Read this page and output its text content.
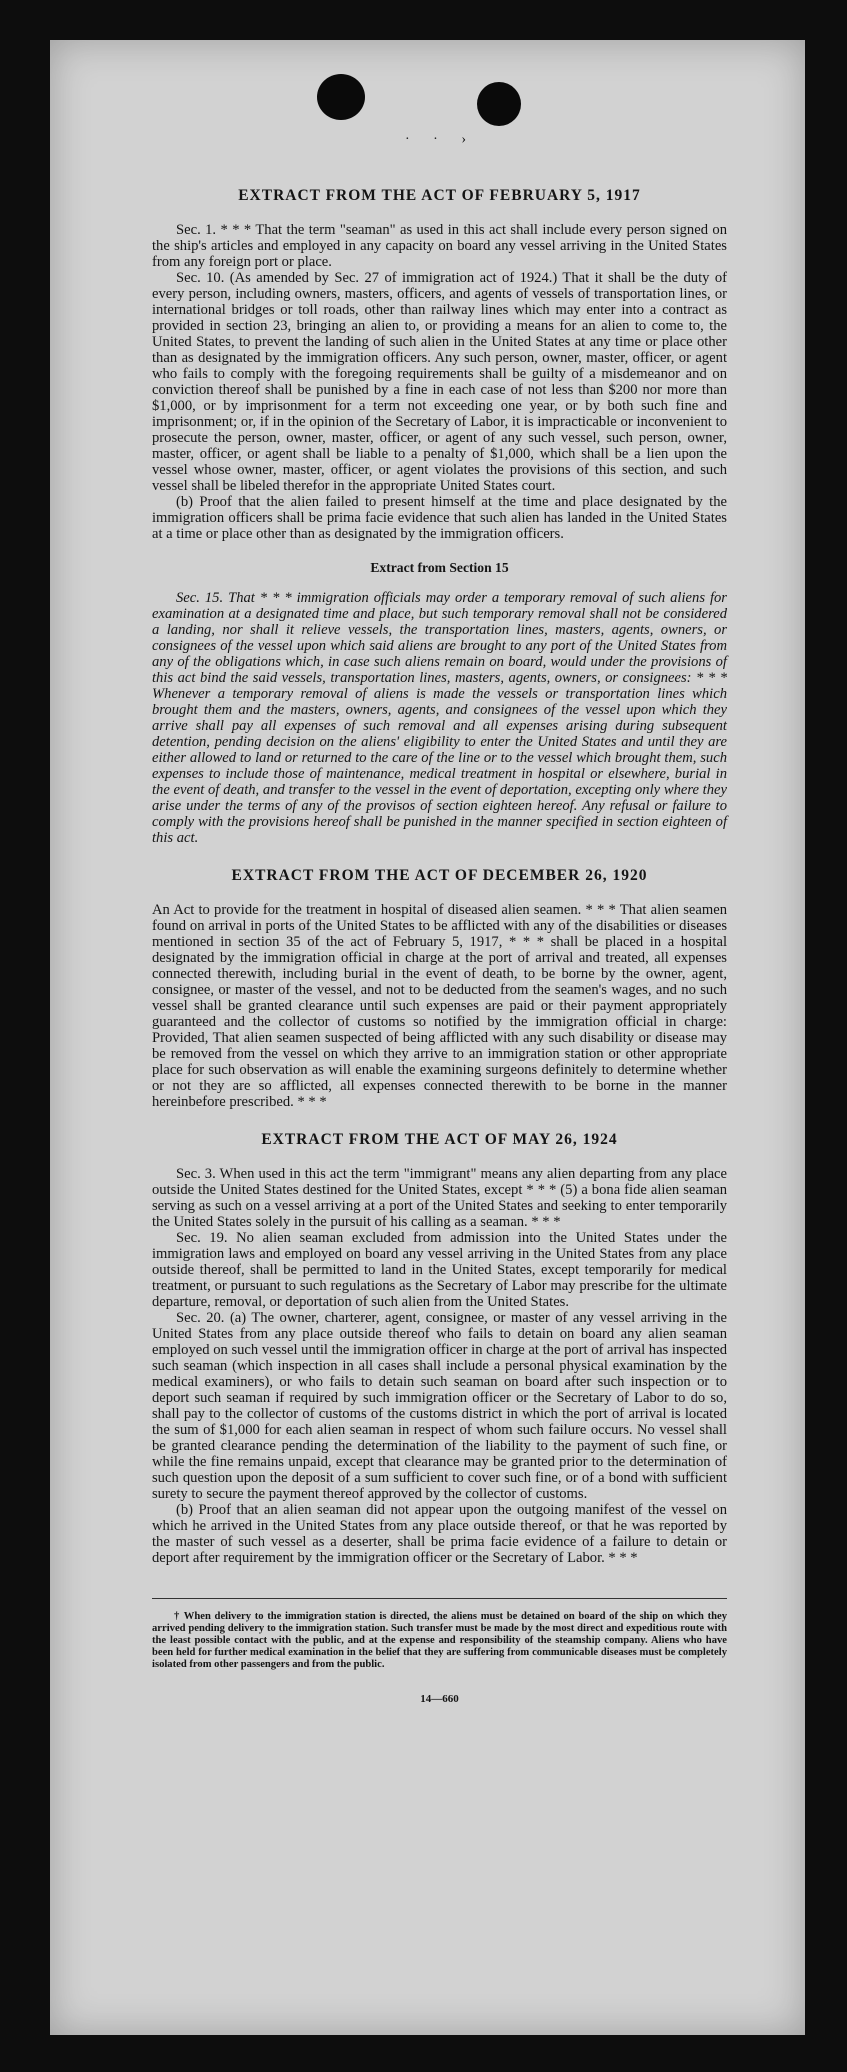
· · ›
EXTRACT FROM THE ACT OF FEBRUARY 5, 1917

Sec. 1. * * * That the term "seaman" as used in this act shall include every person signed on the ship's articles and employed in any capacity on board any vessel arriving in the United States from any foreign port or place.

Sec. 10. (As amended by Sec. 27 of immigration act of 1924.) That it shall be the duty of every person, including owners, masters, officers, and agents of vessels of transportation lines, or international bridges or toll roads, other than railway lines which may enter into a contract as provided in section 23, bringing an alien to, or providing a means for an alien to come to, the United States, to prevent the landing of such alien in the United States at any time or place other than as designated by the immigration officers. Any such person, owner, master, officer, or agent who fails to comply with the foregoing requirements shall be guilty of a misdemeanor and on conviction thereof shall be punished by a fine in each case of not less than $200 nor more than $1,000, or by imprisonment for a term not exceeding one year, or by both such fine and imprisonment; or, if in the opinion of the Secretary of Labor, it is impracticable or inconvenient to prosecute the person, owner, master, officer, or agent of any such vessel, such person, owner, master, officer, or agent shall be liable to a penalty of $1,000, which shall be a lien upon the vessel whose owner, master, officer, or agent violates the provisions of this section, and such vessel shall be libeled therefor in the appropriate United States court.

(b) Proof that the alien failed to present himself at the time and place designated by the immigration officers shall be prima facie evidence that such alien has landed in the United States at a time or place other than as designated by the immigration officers.

Extract from Section 15

Sec. 15. That * * * immigration officials may order a temporary removal of such aliens for examination at a designated time and place, but such temporary removal shall not be considered a landing, nor shall it relieve vessels, the transportation lines, masters, agents, owners, or consignees of the vessel upon which said aliens are brought to any port of the United States from any of the obligations which, in case such aliens remain on board, would under the provisions of this act bind the said vessels, transportation lines, masters, agents, owners, or consignees: * * * Whenever a temporary removal of aliens is made the vessels or transportation lines which brought them and the masters, owners, agents, and consignees of the vessel upon which they arrive shall pay all expenses of such removal and all expenses arising during subsequent detention, pending decision on the aliens' eligibility to enter the United States and until they are either allowed to land or returned to the care of the line or to the vessel which brought them, such expenses to include those of maintenance, medical treatment in hospital or elsewhere, burial in the event of death, and transfer to the vessel in the event of deportation, excepting only where they arise under the terms of any of the provisos of section eighteen hereof. Any refusal or failure to comply with the provisions hereof shall be punished in the manner specified in section eighteen of this act.

EXTRACT FROM THE ACT OF DECEMBER 26, 1920

An Act to provide for the treatment in hospital of diseased alien seamen. * * * That alien seamen found on arrival in ports of the United States to be afflicted with any of the disabilities or diseases mentioned in section 35 of the act of February 5, 1917, * * * shall be placed in a hospital designated by the immigration official in charge at the port of arrival and treated, all expenses connected therewith, including burial in the event of death, to be borne by the owner, agent, consignee, or master of the vessel, and not to be deducted from the seamen's wages, and no such vessel shall be granted clearance until such expenses are paid or their payment appropriately guaranteed and the collector of customs so notified by the immigration official in charge: Provided, That alien seamen suspected of being afflicted with any such disability or disease may be removed from the vessel on which they arrive to an immigration station or other appropriate place for such observation as will enable the examining surgeons definitely to determine whether or not they are so afflicted, all expenses connected therewith to be borne in the manner hereinbefore prescribed. * * *

EXTRACT FROM THE ACT OF MAY 26, 1924

Sec. 3. When used in this act the term "immigrant" means any alien departing from any place outside the United States destined for the United States, except * * * (5) a bona fide alien seaman serving as such on a vessel arriving at a port of the United States and seeking to enter temporarily the United States solely in the pursuit of his calling as a seaman. * * *

Sec. 19. No alien seaman excluded from admission into the United States under the immigration laws and employed on board any vessel arriving in the United States from any place outside thereof, shall be permitted to land in the United States, except temporarily for medical treatment, or pursuant to such regulations as the Secretary of Labor may prescribe for the ultimate departure, removal, or deportation of such alien from the United States.

Sec. 20. (a) The owner, charterer, agent, consignee, or master of any vessel arriving in the United States from any place outside thereof who fails to detain on board any alien seaman employed on such vessel until the immigration officer in charge at the port of arrival has inspected such seaman (which inspection in all cases shall include a personal physical examination by the medical examiners), or who fails to detain such seaman on board after such inspection or to deport such seaman if required by such immigration officer or the Secretary of Labor to do so, shall pay to the collector of customs of the customs district in which the port of arrival is located the sum of $1,000 for each alien seaman in respect of whom such failure occurs. No vessel shall be granted clearance pending the determination of the liability to the payment of such fine, or while the fine remains unpaid, except that clearance may be granted prior to the determination of such question upon the deposit of a sum sufficient to cover such fine, or of a bond with sufficient surety to secure the payment thereof approved by the collector of customs.

(b) Proof that an alien seaman did not appear upon the outgoing manifest of the vessel on which he arrived in the United States from any place outside thereof, or that he was reported by the master of such vessel as a deserter, shall be prima facie evidence of a failure to detain or deport after requirement by the immigration officer or the Secretary of Labor. * * *

† When delivery to the immigration station is directed, the aliens must be detained on board of the ship on which they arrived pending delivery to the immigration station. Such transfer must be made by the most direct and expeditious route with the least possible contact with the public, and at the expense and responsibility of the steamship company. Aliens who have been held for further medical examination in the belief that they are suffering from communicable diseases must be completely isolated from other passengers and from the public.

14—660
